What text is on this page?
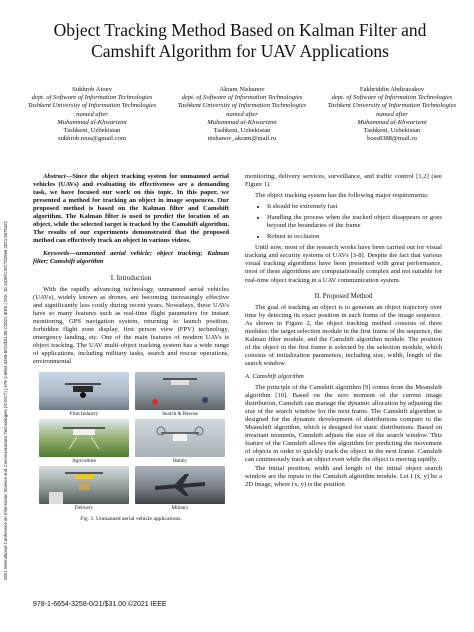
2021 International Conference on Information Science and Communications Technologies (ICISCT) | 978-1-6654-3258-0/21/$31.00 ©2021 IEEE | DOI: 10.1109/ICISCT52966.2021.9670421
Object Tracking Method Based on Kalman Filter and Camshift Algorithm for UAV Applications
Sukhrob Atoev
dept. of Software of Information Technologies
Tashkent University of Information Technologies named after
Muhammad al-Khwarizmi
Tashkent, Uzbekistan
sukhrob.reus@gmail.com
Akram Nishanov
dept. of Software of Information Technologies
Tashkent University of Information Technologies named after
Muhammad al-Khwarizmi
Tashkent, Uzbekistan
nishanov_akram@mail.ru
Fakhriddin Abdirazakov
dept. of Software of Information Technologies
Tashkent University of Information Technologies named after
Muhammad al-Khwarizmi
Tashkent, Uzbekistan
boss8388@mail.ru

Abstract—Since the object tracking system for unmanned aerial vehicles (UAVs) and evaluating its effectiveness are a demanding task, we have focused our work on this topic. In this paper, we presented a method for tracking an object in image sequences. Our proposed method is based on the Kalman filter and Camshift algorithm. The Kalman filter is used to predict the location of an object, while the selected target is tracked by the Camshift algorithm. The results of our experiments demonstrated that the proposed method can effectively track an object in various videos.

Keywords—unmanned aerial vehicle; object tracking; Kalman filter; Camshift algorithm

I. Introduction

With the rapidly advancing technology, unmanned aerial vehicles (UAVs), widely known as drones, are becoming increasingly effective and significantly less costly during recent years. Nowadays, these UAVs have so many features such as real-time flight parameters for instant monitoring, GPS navigation system, returning to launch position, forbidden flight zone display, first person view (FPV) technology, emergency landing, etc. One of the main features of modern UAVs is object tracking. The UAV multi-object tracking system has a wide range of applications, including military tasks, search and rescue operations, environmental

Film Industry	Search & Rescue
Agriculture	Hobby
Delivery	Military
Fig. 1. Unmanned aerial vehicle applications.

monitoring, delivery services, surveillance, and traffic control [1,2] (see Figure 1).

The object tracking system has the following major requirements:

• It should be extremely fast
• Handling the process when the tracked object disappears or goes beyond the boundaries of the frame
• Robust to occlusion

Until now, most of the research works have been carried out for visual tracking and security systems of UAVs [3-8]. Despite the fact that various visual tracking algorithms have been presented with great performance, most of these algorithms are computationally complex and not suitable for real-time object tracking in a UAV communication system.

II. Proposed Method

The goal of tracking an object is to generate an object trajectory over time by detecting its exact position in each frame of the image sequence. As shown in Figure 2, the object tracking method consists of three modules: the target selection module in the first frame of the sequence, the Kalman filter module, and the Camshift algorithm module. The position of the object in the first frame is selected by the selection module, which consists of initialization parameters, including size, width, length of the search window.

A. Camshift algorithm

The principle of the Camshift algorithm [9] comes from the Meanshift algorithm [10]. Based on the zero moment of the current image distribution, Camshift can manage the dynamic allocation by adjusting the size of the search window for the next frame. The Camshift algorithm is designed for the dynamic development of distributions compare to the Meanshift algorithm, which is designed for static distributions. Based on invariant moments, Camshift adjusts the size of the search window. This feature of the Camshift allows the algorithm for predicting the movement of objects in order to quickly track the object in the next frame. Camshift can continuously track an object even while the object is moving rapidly.

The initial position, width and length of the initial object search window are the inputs to the Camshift algorithm module. Let I (x, y) be a 2D image, where (x, y) is the position

978-1-6654-3258-0/21/$31.00 ©2021 IEEE
